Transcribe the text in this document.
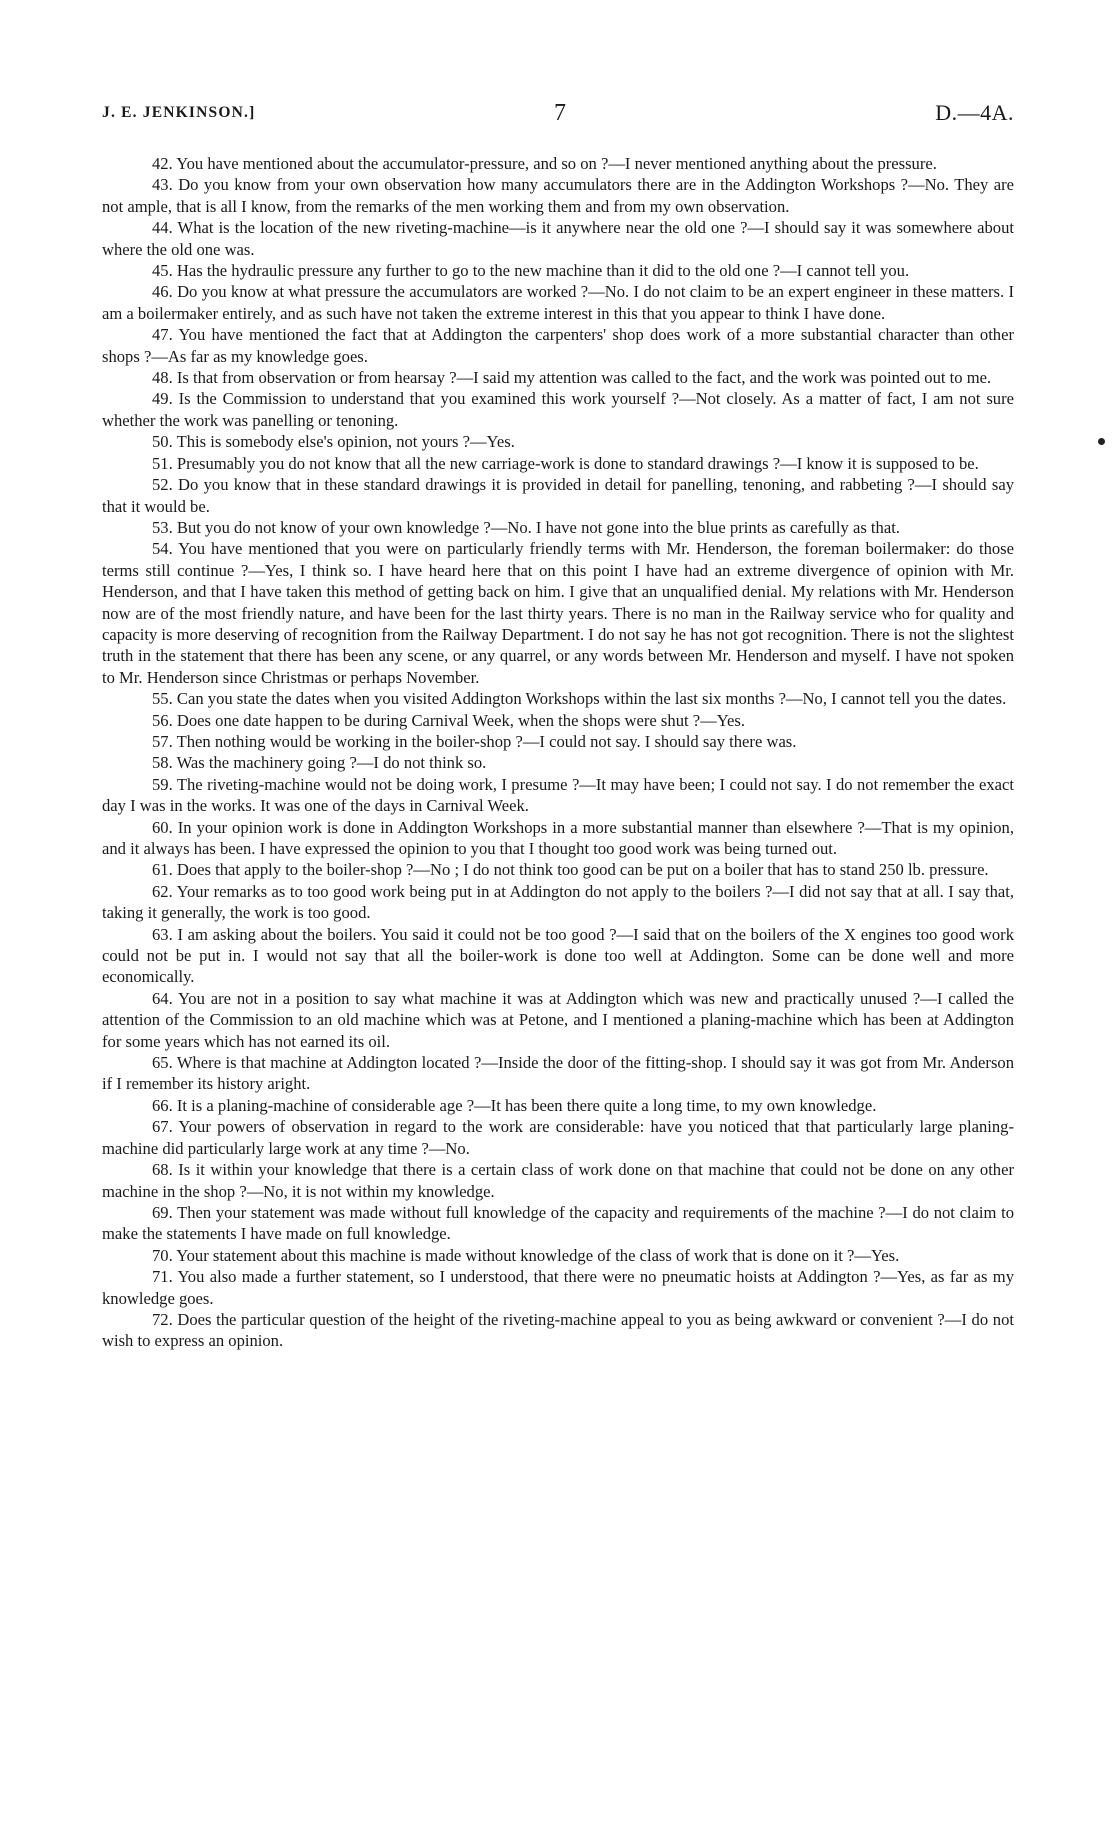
J. E. JENKINSON.]	7	D.—4A.

42. You have mentioned about the accumulator-pressure, and so on ?—I never mentioned anything about the pressure.

43. Do you know from your own observation how many accumulators there are in the Addington Workshops ?—No. They are not ample, that is all I know, from the remarks of the men working them and from my own observation.

44. What is the location of the new riveting-machine—is it anywhere near the old one ?—I should say it was somewhere about where the old one was.

45. Has the hydraulic pressure any further to go to the new machine than it did to the old one ?—I cannot tell you.

46. Do you know at what pressure the accumulators are worked ?—No. I do not claim to be an expert engineer in these matters. I am a boilermaker entirely, and as such have not taken the extreme interest in this that you appear to think I have done.

47. You have mentioned the fact that at Addington the carpenters' shop does work of a more substantial character than other shops ?—As far as my knowledge goes.

48. Is that from observation or from hearsay ?—I said my attention was called to the fact, and the work was pointed out to me.

49. Is the Commission to understand that you examined this work yourself ?—Not closely. As a matter of fact, I am not sure whether the work was panelling or tenoning.

50. This is somebody else's opinion, not yours ?—Yes.

51. Presumably you do not know that all the new carriage-work is done to standard drawings ?—I know it is supposed to be.

52. Do you know that in these standard drawings it is provided in detail for panelling, tenoning, and rabbeting ?—I should say that it would be.

53. But you do not know of your own knowledge ?—No. I have not gone into the blue prints as carefully as that.

54. You have mentioned that you were on particularly friendly terms with Mr. Henderson, the foreman boilermaker: do those terms still continue ?—Yes, I think so. I have heard here that on this point I have had an extreme divergence of opinion with Mr. Henderson, and that I have taken this method of getting back on him. I give that an unqualified denial. My relations with Mr. Henderson now are of the most friendly nature, and have been for the last thirty years. There is no man in the Railway service who for quality and capacity is more deserving of recognition from the Railway Department. I do not say he has not got recognition. There is not the slightest truth in the statement that there has been any scene, or any quarrel, or any words between Mr. Henderson and myself. I have not spoken to Mr. Henderson since Christmas or perhaps November.

55. Can you state the dates when you visited Addington Workshops within the last six months ?—No, I cannot tell you the dates.

56. Does one date happen to be during Carnival Week, when the shops were shut ?—Yes.

57. Then nothing would be working in the boiler-shop ?—I could not say. I should say there was.

58. Was the machinery going ?—I do not think so.

59. The riveting-machine would not be doing work, I presume ?—It may have been; I could not say. I do not remember the exact day I was in the works. It was one of the days in Carnival Week.

60. In your opinion work is done in Addington Workshops in a more substantial manner than elsewhere ?—That is my opinion, and it always has been. I have expressed the opinion to you that I thought too good work was being turned out.

61. Does that apply to the boiler-shop ?—No ; I do not think too good can be put on a boiler that has to stand 250 lb. pressure.

62. Your remarks as to too good work being put in at Addington do not apply to the boilers ?—I did not say that at all. I say that, taking it generally, the work is too good.

63. I am asking about the boilers. You said it could not be too good ?—I said that on the boilers of the X engines too good work could not be put in. I would not say that all the boiler-work is done too well at Addington. Some can be done well and more economically.

64. You are not in a position to say what machine it was at Addington which was new and practically unused ?—I called the attention of the Commission to an old machine which was at Petone, and I mentioned a planing-machine which has been at Addington for some years which has not earned its oil.

65. Where is that machine at Addington located ?—Inside the door of the fitting-shop. I should say it was got from Mr. Anderson if I remember its history aright.

66. It is a planing-machine of considerable age ?—It has been there quite a long time, to my own knowledge.

67. Your powers of observation in regard to the work are considerable: have you noticed that that particularly large planing-machine did particularly large work at any time ?—No.

68. Is it within your knowledge that there is a certain class of work done on that machine that could not be done on any other machine in the shop ?—No, it is not within my knowledge.

69. Then your statement was made without full knowledge of the capacity and requirements of the machine ?—I do not claim to make the statements I have made on full knowledge.

70. Your statement about this machine is made without knowledge of the class of work that is done on it ?—Yes.

71. You also made a further statement, so I understood, that there were no pneumatic hoists at Addington ?—Yes, as far as my knowledge goes.

72. Does the particular question of the height of the riveting-machine appeal to you as being awkward or convenient ?—I do not wish to express an opinion.
